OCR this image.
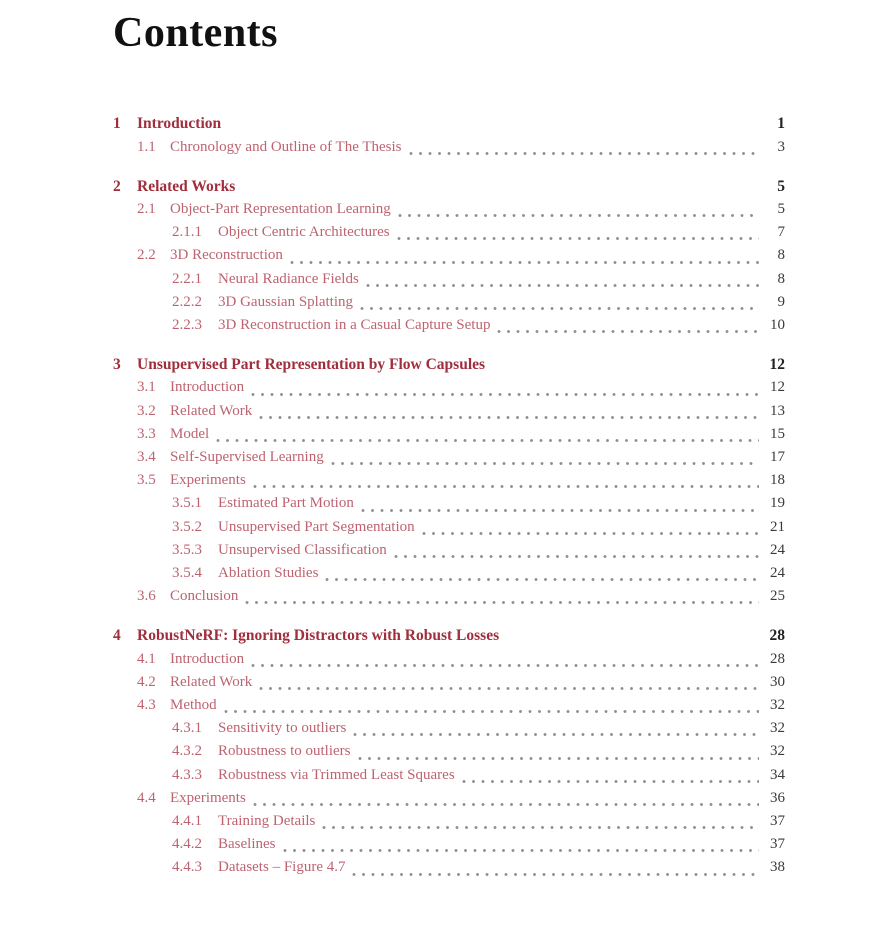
Contents
1	Introduction	1
1.1 Chronology and Outline of The Thesis	3
2	Related Works	5
2.1 Object-Part Representation Learning	5
2.1.1	Object Centric Architectures	7
2.2 3D Reconstruction	8
2.2.1	Neural Radiance Fields	8
2.2.2	3D Gaussian Splatting	9
2.2.3	3D Reconstruction in a Casual Capture Setup	10
3	Unsupervised Part Representation by Flow Capsules	12
3.1 Introduction	12
3.2 Related Work	13
3.3 Model	15
3.4 Self-Supervised Learning	17
3.5 Experiments	18
3.5.1	Estimated Part Motion	19
3.5.2	Unsupervised Part Segmentation	21
3.5.3	Unsupervised Classification	24
3.5.4	Ablation Studies	24
3.6 Conclusion	25
4	RobustNeRF: Ignoring Distractors with Robust Losses	28
4.1 Introduction	28
4.2 Related Work	30
4.3 Method	32
4.3.1	Sensitivity to outliers	32
4.3.2	Robustness to outliers	32
4.3.3	Robustness via Trimmed Least Squares	34
4.4 Experiments	36
4.4.1	Training Details	37
4.4.2	Baselines	37
4.4.3	Datasets – Figure 4.7	38
